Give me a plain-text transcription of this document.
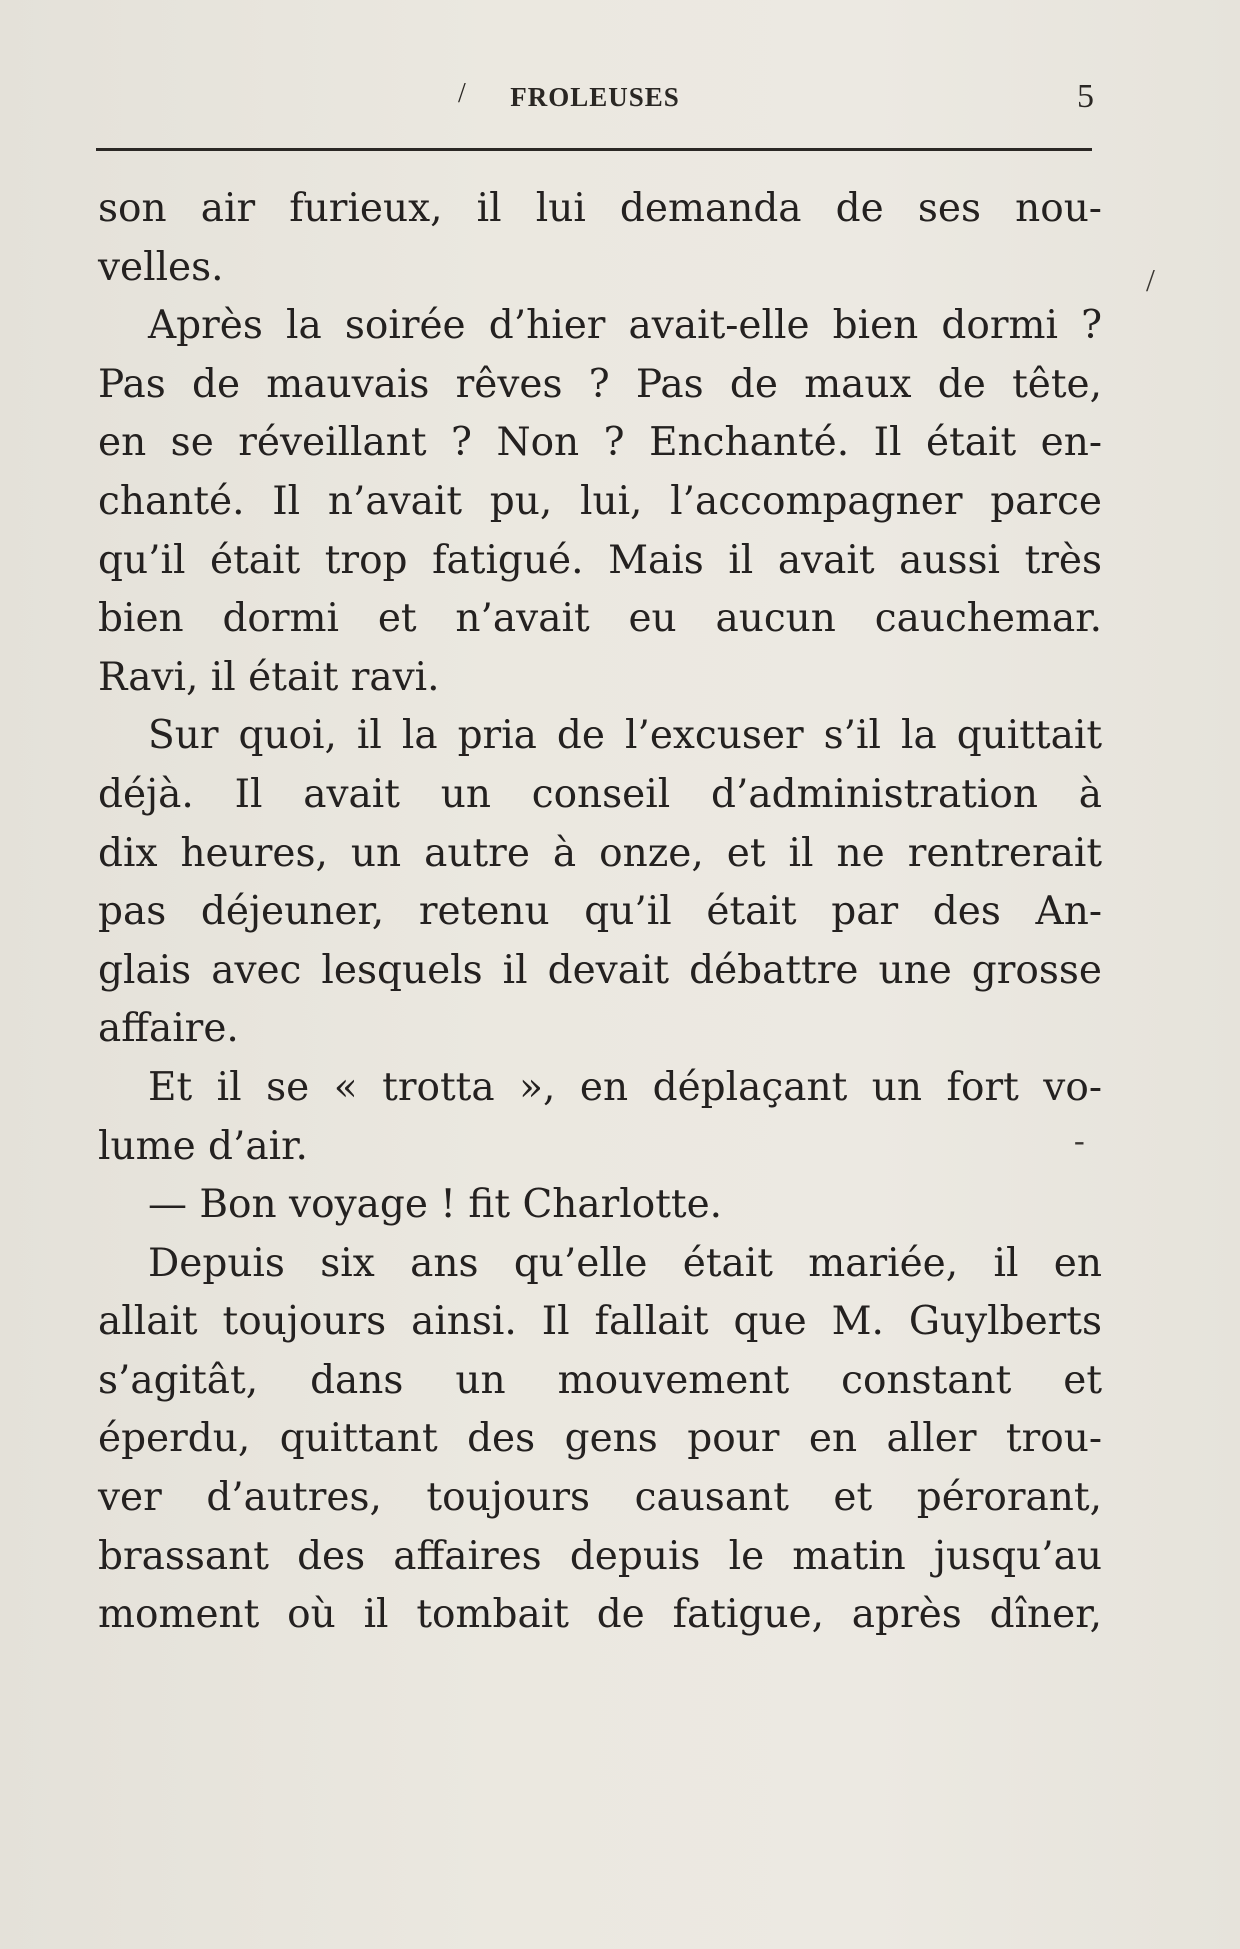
/	FROLEUSES	5
/
-
son air furieux, il lui demanda de ses nou-
velles.
Après la soirée d’hier avait-elle bien dormi ?
Pas de mauvais rêves ? Pas de maux de tête,
en se réveillant ? Non ? Enchanté. Il était en-
chanté. Il n’avait pu, lui, l’accompagner parce
qu’il était trop fatigué. Mais il avait aussi très
bien dormi et n’avait eu aucun cauchemar.
Ravi, il était ravi.
Sur quoi, il la pria de l’excuser s’il la quittait
déjà. Il avait un conseil d’administration à
dix heures, un autre à onze, et il ne rentrerait
pas déjeuner, retenu qu’il était par des An-
glais avec lesquels il devait débattre une grosse
affaire.
Et il se « trotta », en déplaçant un fort vo-
lume d’air.
— Bon voyage ! fit Charlotte.
Depuis six ans qu’elle était mariée, il en
allait toujours ainsi. Il fallait que M. Guylberts
s’agitât, dans un mouvement constant et
éperdu, quittant des gens pour en aller trou-
ver d’autres, toujours causant et pérorant,
brassant des affaires depuis le matin jusqu’au
moment où il tombait de fatigue, après dîner,
